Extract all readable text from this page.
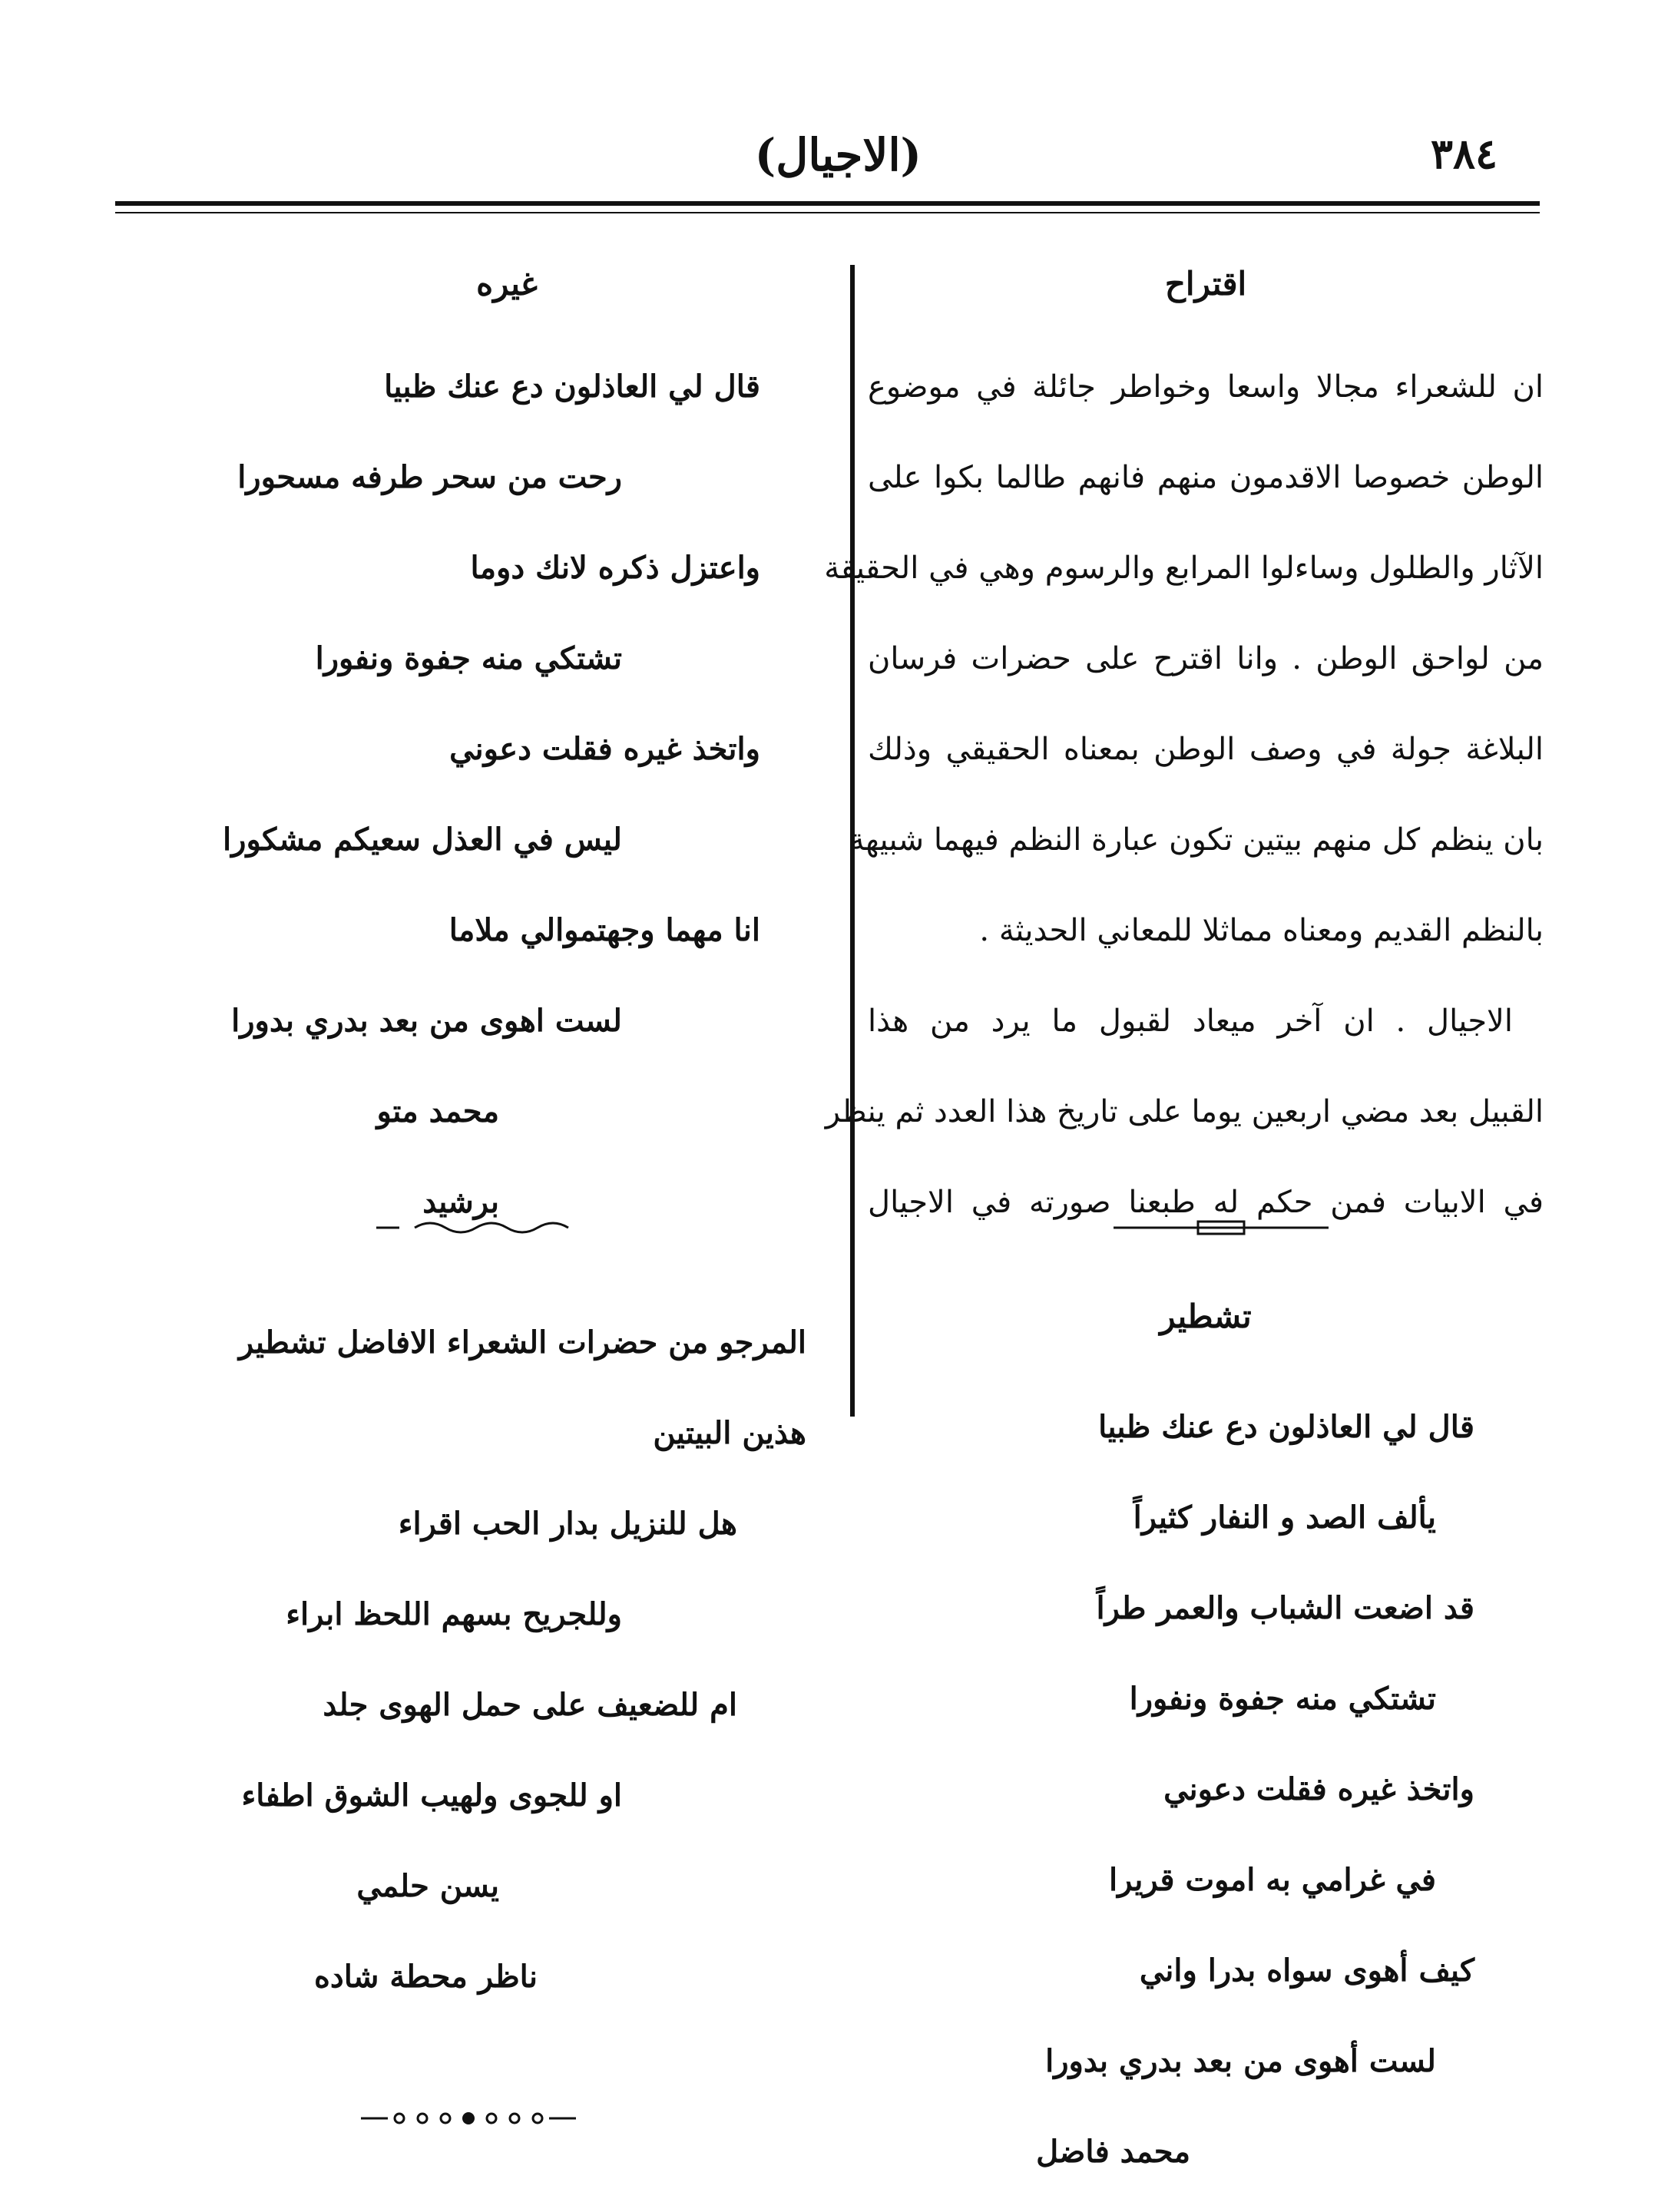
٣٨٤
(الاجيال)
اقتراح
ان للشعراء مجالا واسعا وخواطر جائلة في موضوع
الوطن خصوصا الاقدمون منهم فانهم طالما بكوا على
الآثار والطلول وساءلوا المرابع والرسوم وهي في الحقيقة
من لواحق الوطن . وانا اقترح على حضرات فرسان
البلاغة جولة في وصف الوطن بمعناه الحقيقي وذلك
بان ينظم كل منهم بيتين تكون عبارة النظم فيهما شبيهة
بالنظم القديم ومعناه مماثلا للمعاني الحديثة .
الاجيال . ان آخر ميعاد لقبول ما يرد من هذا
القبيل بعد مضي اربعين يوما على تاريخ هذا العدد ثم ينظر
في الابيات فمن حكم له طبعنا صورته في الاجيال
تشطير
قال لي العاذلون دع عنك ظبيا
يألف الصد و النفار كثيراً
قد اضعت الشباب والعمر طراً
تشتكي منه جفوة ونفورا
واتخذ غيره فقلت دعوني
في غرامي به اموت قريرا
كيف أهوى سواه بدرا واني
لست أهوى من بعد بدري بدورا
محمد فاضل
غيره
قال لي العاذلون دع عنك ظبيا
رحت من سحر طرفه مسحورا
واعتزل ذكره لانك دوما
تشتكي منه جفوة ونفورا
واتخذ غيره فقلت دعوني
ليس في العذل سعيكم مشكورا
انا مهما وجهتموالي ملاما
لست اهوى من بعد بدري بدورا
محمد متو
برشيد
المرجو من حضرات الشعراء الافاضل تشطير
هذين البيتين
هل للنزيل بدار الحب اقراء
وللجريح بسهم اللحظ ابراء
ام للضعيف على حمل الهوى جلد
او للجوى ولهيب الشوق اطفاء
يسن حلمي
ناظر محطة شاده
